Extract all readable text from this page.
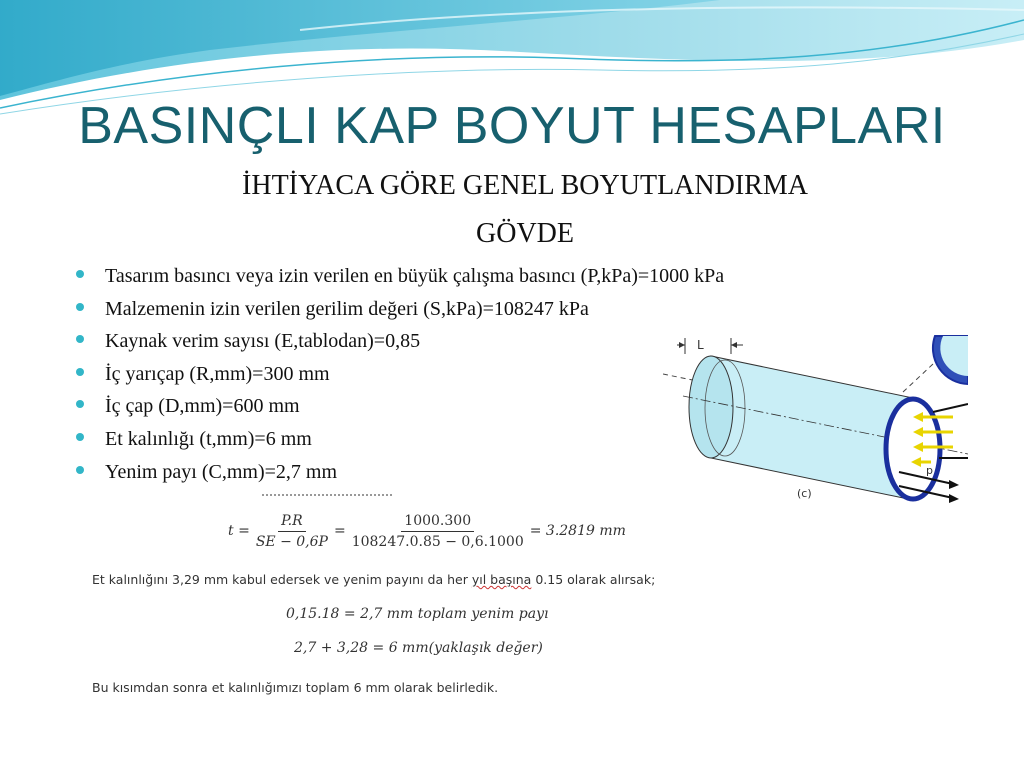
BASINÇLI KAP BOYUT HESAPLARI
İHTİYACA GÖRE GENEL BOYUTLANDIRMA
GÖVDE
Tasarım basıncı veya izin verilen en büyük çalışma basıncı (P,kPa)=1000 kPa
Malzemenin izin verilen gerilim değeri (S,kPa)=108247 kPa
Kaynak verim sayısı (E,tablodan)=0,85
İç yarıçap (R,mm)=300 mm
İç çap (D,mm)=600 mm
Et kalınlığı (t,mm)=6 mm
Yenim payı (C,mm)=2,7 mm
L
p
(c)
$t = \frac{P.R}{SE - 0,6P} = \frac{1000.300}{108247.0.85 - 0,6.1000} = 3.2819$ mm
Et kalınlığını 3,29 mm kabul edersek ve yenim payını da her yıl başına 0.15 olarak alırsak;
0,15.18 = 2,7 mm toplam yenim payı
2,7 + 3,28 = 6 mm(yaklaşık değer)
Bu kısımdan sonra et kalınlığımızı toplam 6 mm olarak belirledik.
